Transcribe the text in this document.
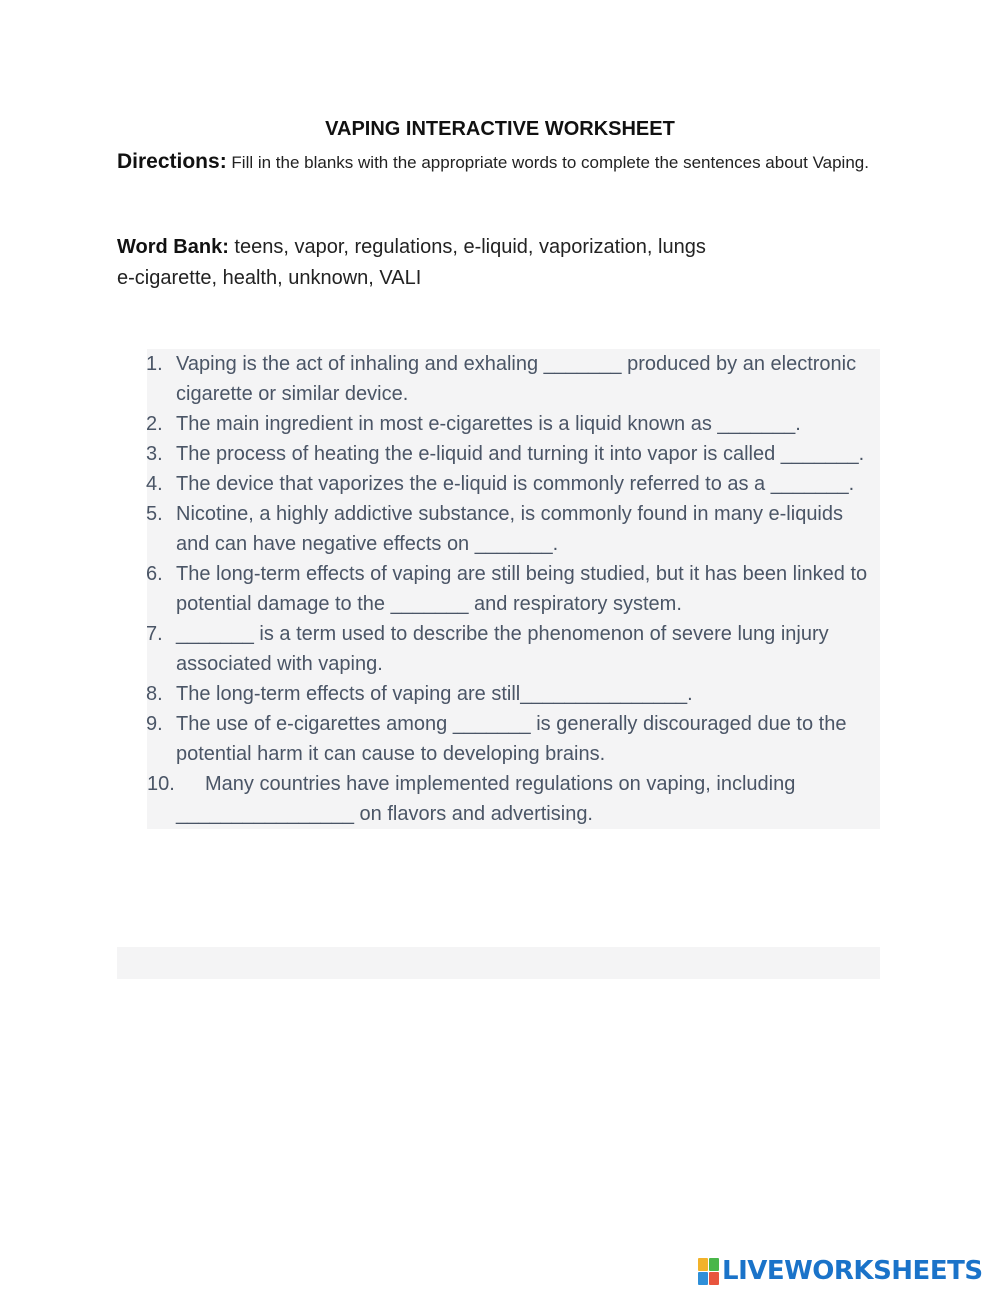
VAPING INTERACTIVE WORKSHEET
Directions: Fill in the blanks with the appropriate words to complete the sentences about Vaping.
Word Bank: teens, vapor, regulations, e-liquid, vaporization, lungs
e-cigarette, health, unknown, VALI
1. Vaping is the act of inhaling and exhaling _______ produced by an electronic cigarette or similar device.
2. The main ingredient in most e-cigarettes is a liquid known as _______.
3. The process of heating the e-liquid and turning it into vapor is called _______.
4. The device that vaporizes the e-liquid is commonly referred to as a _______.
5. Nicotine, a highly addictive substance, is commonly found in many e-liquids and can have negative effects on _______.
6. The long-term effects of vaping are still being studied, but it has been linked to potential damage to the _______ and respiratory system.
7. _______ is a term used to describe the phenomenon of severe lung injury associated with vaping.
8. The long-term effects of vaping are still_______________.
9. The use of e-cigarettes among _______ is generally discouraged due to the potential harm it can cause to developing brains.
10. Many countries have implemented regulations on vaping, including ________________ on flavors and advertising.
LIVEWORKSHEETS
